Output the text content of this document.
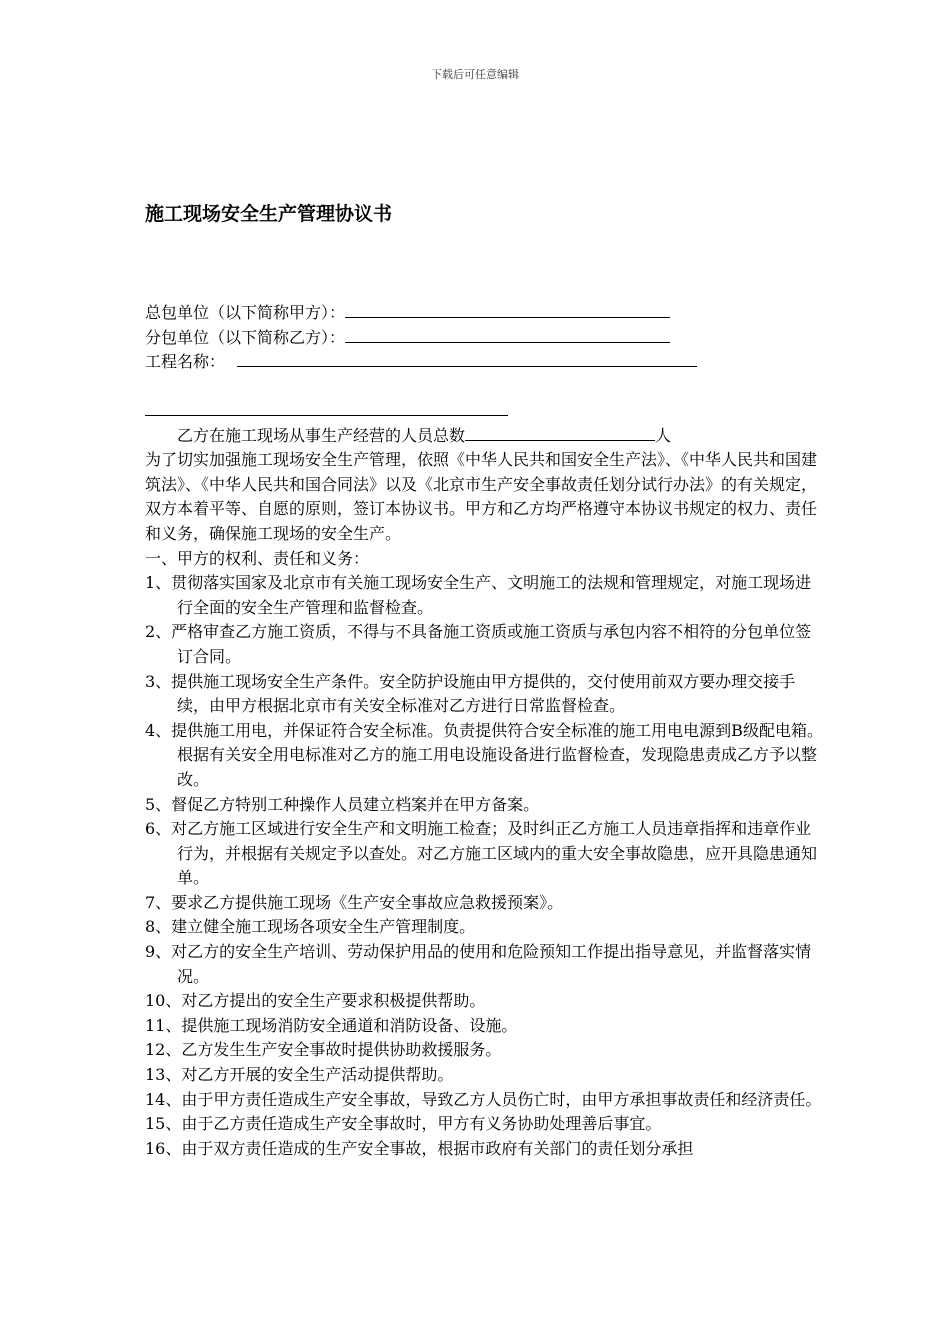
下载后可任意编辑
施工现场安全生产管理协议书
总包单位（以下简称甲方）：
分包单位（以下简称乙方）：
工程名称：

乙方在施工现场从事生产经营的人员总数	人

为了切实加强施工现场安全生产管理，依照《中华人民共和国安全生产法》、《中华人民共和国建筑法》、《中华人民共和国合同法》以及《北京市生产安全事故责任划分试行办法》的有关规定，双方本着平等、自愿的原则，签订本协议书。甲方和乙方均严格遵守本协议书规定的权力、责任和义务，确保施工现场的安全生产。

一、甲方的权利、责任和义务：

1、贯彻落实国家及北京市有关施工现场安全生产、文明施工的法规和管理规定，对施工现场进行全面的安全生产管理和监督检查。
2、严格审查乙方施工资质，不得与不具备施工资质或施工资质与承包内容不相符的分包单位签订合同。
3、提供施工现场安全生产条件。安全防护设施由甲方提供的，交付使用前双方要办理交接手续，由甲方根据北京市有关安全标准对乙方进行日常监督检查。
4、提供施工用电，并保证符合安全标准。负责提供符合安全标准的施工用电电源到B级配电箱。根据有关安全用电标准对乙方的施工用电设施设备进行监督检查，发现隐患责成乙方予以整改。
5、督促乙方特别工种操作人员建立档案并在甲方备案。
6、对乙方施工区域进行安全生产和文明施工检查；及时纠正乙方施工人员违章指挥和违章作业行为，并根据有关规定予以查处。对乙方施工区域内的重大安全事故隐患，应开具隐患通知单。
7、要求乙方提供施工现场《生产安全事故应急救援预案》。
8、建立健全施工现场各项安全生产管理制度。
9、对乙方的安全生产培训、劳动保护用品的使用和危险预知工作提出指导意见，并监督落实情况。
10、对乙方提出的安全生产要求积极提供帮助。
11、提供施工现场消防安全通道和消防设备、设施。
12、乙方发生生产安全事故时提供协助救援服务。
13、对乙方开展的安全生产活动提供帮助。
14、由于甲方责任造成生产安全事故，导致乙方人员伤亡时，由甲方承担事故责任和经济责任。
15、由于乙方责任造成生产安全事故时，甲方有义务协助处理善后事宜。
16、由于双方责任造成的生产安全事故，根据市政府有关部门的责任划分承担
